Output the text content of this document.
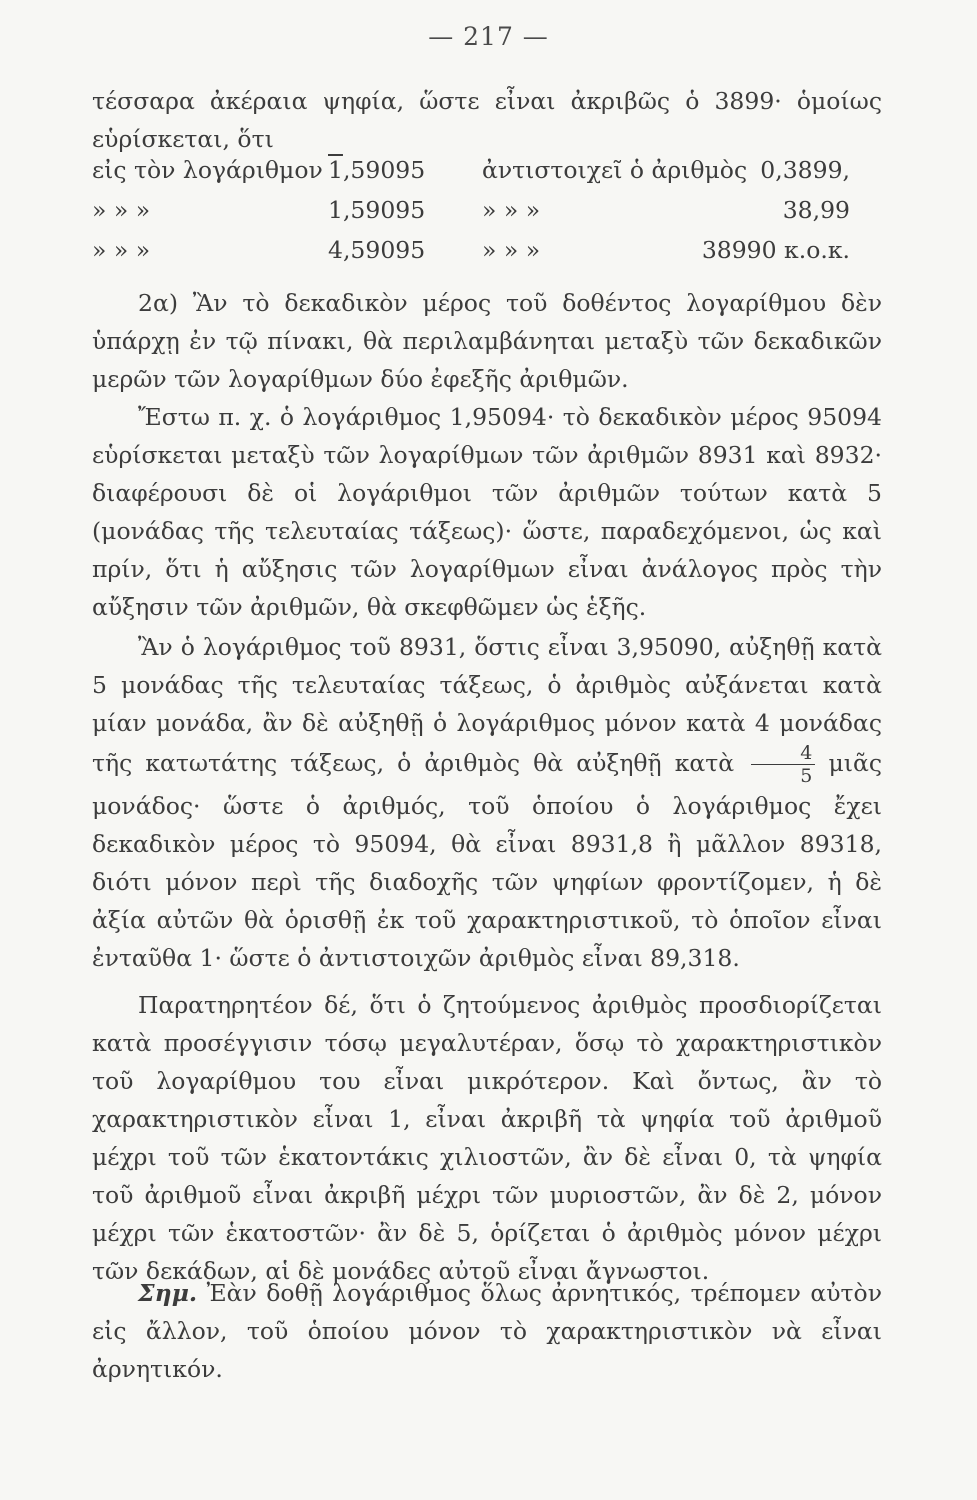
— 217 —

τέσσαρα ἀκέραια ψηφία, ὥστε εἶναι ἀκριβῶς ὁ 3899· ὁμοίως

εὑρίσκεται, ὅτι

εἰς τὸν λογάριθμον 1,59095 ἀντιστοιχεῖ ὁ ἀριθμὸς 0,3899,
» » »	1,59095 » » »	38,99
» » »	4,59095 » » »	38990 κ.ο.κ.

2α) Ἂν τὸ δεκαδικὸν μέρος τοῦ δοθέντος λογαρίθμου δὲν ὑπάρχῃ ἐν τῷ πίνακι, θὰ περιλαμβάνηται μεταξὺ τῶν δεκαδικῶν μερῶν τῶν λογαρίθμων δύο ἐφεξῆς ἀριθμῶν.

Ἔστω π. χ. ὁ λογάριθμος 1,95094· τὸ δεκαδικὸν μέρος 95094 εὑρίσκεται μεταξὺ τῶν λογαρίθμων τῶν ἀριθμῶν 8931 καὶ 8932· διαφέρουσι δὲ οἱ λογάριθμοι τῶν ἀριθμῶν τούτων κατὰ 5 (μονάδας τῆς τελευταίας τάξεως)· ὥστε, παραδεχόμενοι, ὡς καὶ πρίν, ὅτι ἡ αὔξησις τῶν λογαρίθμων εἶναι ἀνάλογος πρὸς τὴν αὔξησιν τῶν ἀριθμῶν, θὰ σκεφθῶμεν ὡς ἑξῆς.

Ἂν ὁ λογάριθμος τοῦ 8931, ὅστις εἶναι 3,95090, αὐξηθῇ κατὰ 5 μονάδας τῆς τελευταίας τάξεως, ὁ ἀριθμὸς αὐξάνεται κατὰ μίαν μονάδα, ἂν δὲ αὐξηθῇ ὁ λογάριθμος μόνον κατὰ 4 μονάδας τῆς κατωτάτης τάξεως, ὁ ἀριθμὸς θὰ αὐξηθῇ κατὰ $\frac{4}{5}$ μιᾶς μονάδος· ὥστε ὁ ἀριθμός, τοῦ ὁποίου ὁ λογάριθμος ἔχει δεκαδικὸν μέρος τὸ 95094, θὰ εἶναι 8931,8 ἢ μᾶλλον 89318, διότι μόνον περὶ τῆς διαδοχῆς τῶν ψηφίων φροντίζομεν, ἡ δὲ ἀξία αὐτῶν θὰ ὁρισθῇ ἐκ τοῦ χαρακτηριστικοῦ, τὸ ὁποῖον εἶναι ἐνταῦθα 1· ὥστε ὁ ἀντιστοιχῶν ἀριθμὸς εἶναι 89,318.

Παρατηρητέον δέ, ὅτι ὁ ζητούμενος ἀριθμὸς προσδιορίζεται κατὰ προσέγγισιν τόσῳ μεγαλυτέραν, ὅσῳ τὸ χαρακτηριστικὸν τοῦ λογαρίθμου του εἶναι μικρότερον. Καὶ ὄντως, ἂν τὸ χαρακτηριστικὸν εἶναι 1, εἶναι ἀκριβῆ τὰ ψηφία τοῦ ἀριθμοῦ μέχρι τοῦ τῶν ἑκατοντάκις χιλιοστῶν, ἂν δὲ εἶναι 0, τὰ ψηφία τοῦ ἀριθμοῦ εἶναι ἀκριβῆ μέχρι τῶν μυριοστῶν, ἂν δὲ 2, μόνον μέχρι τῶν ἑκατοστῶν· ἂν δὲ 5, ὁρίζεται ὁ ἀριθμὸς μόνον μέχρι τῶν δεκάδων, αἱ δὲ μονάδες αὐτοῦ εἶναι ἄγνωστοι.

Σημ. Ἐὰν δοθῇ λογάριθμος ὅλως ἀρνητικός, τρέπομεν αὐτὸν εἰς ἄλλον, τοῦ ὁποίου μόνον τὸ χαρακτηριστικὸν νὰ εἶναι ἀρνητικόν.
